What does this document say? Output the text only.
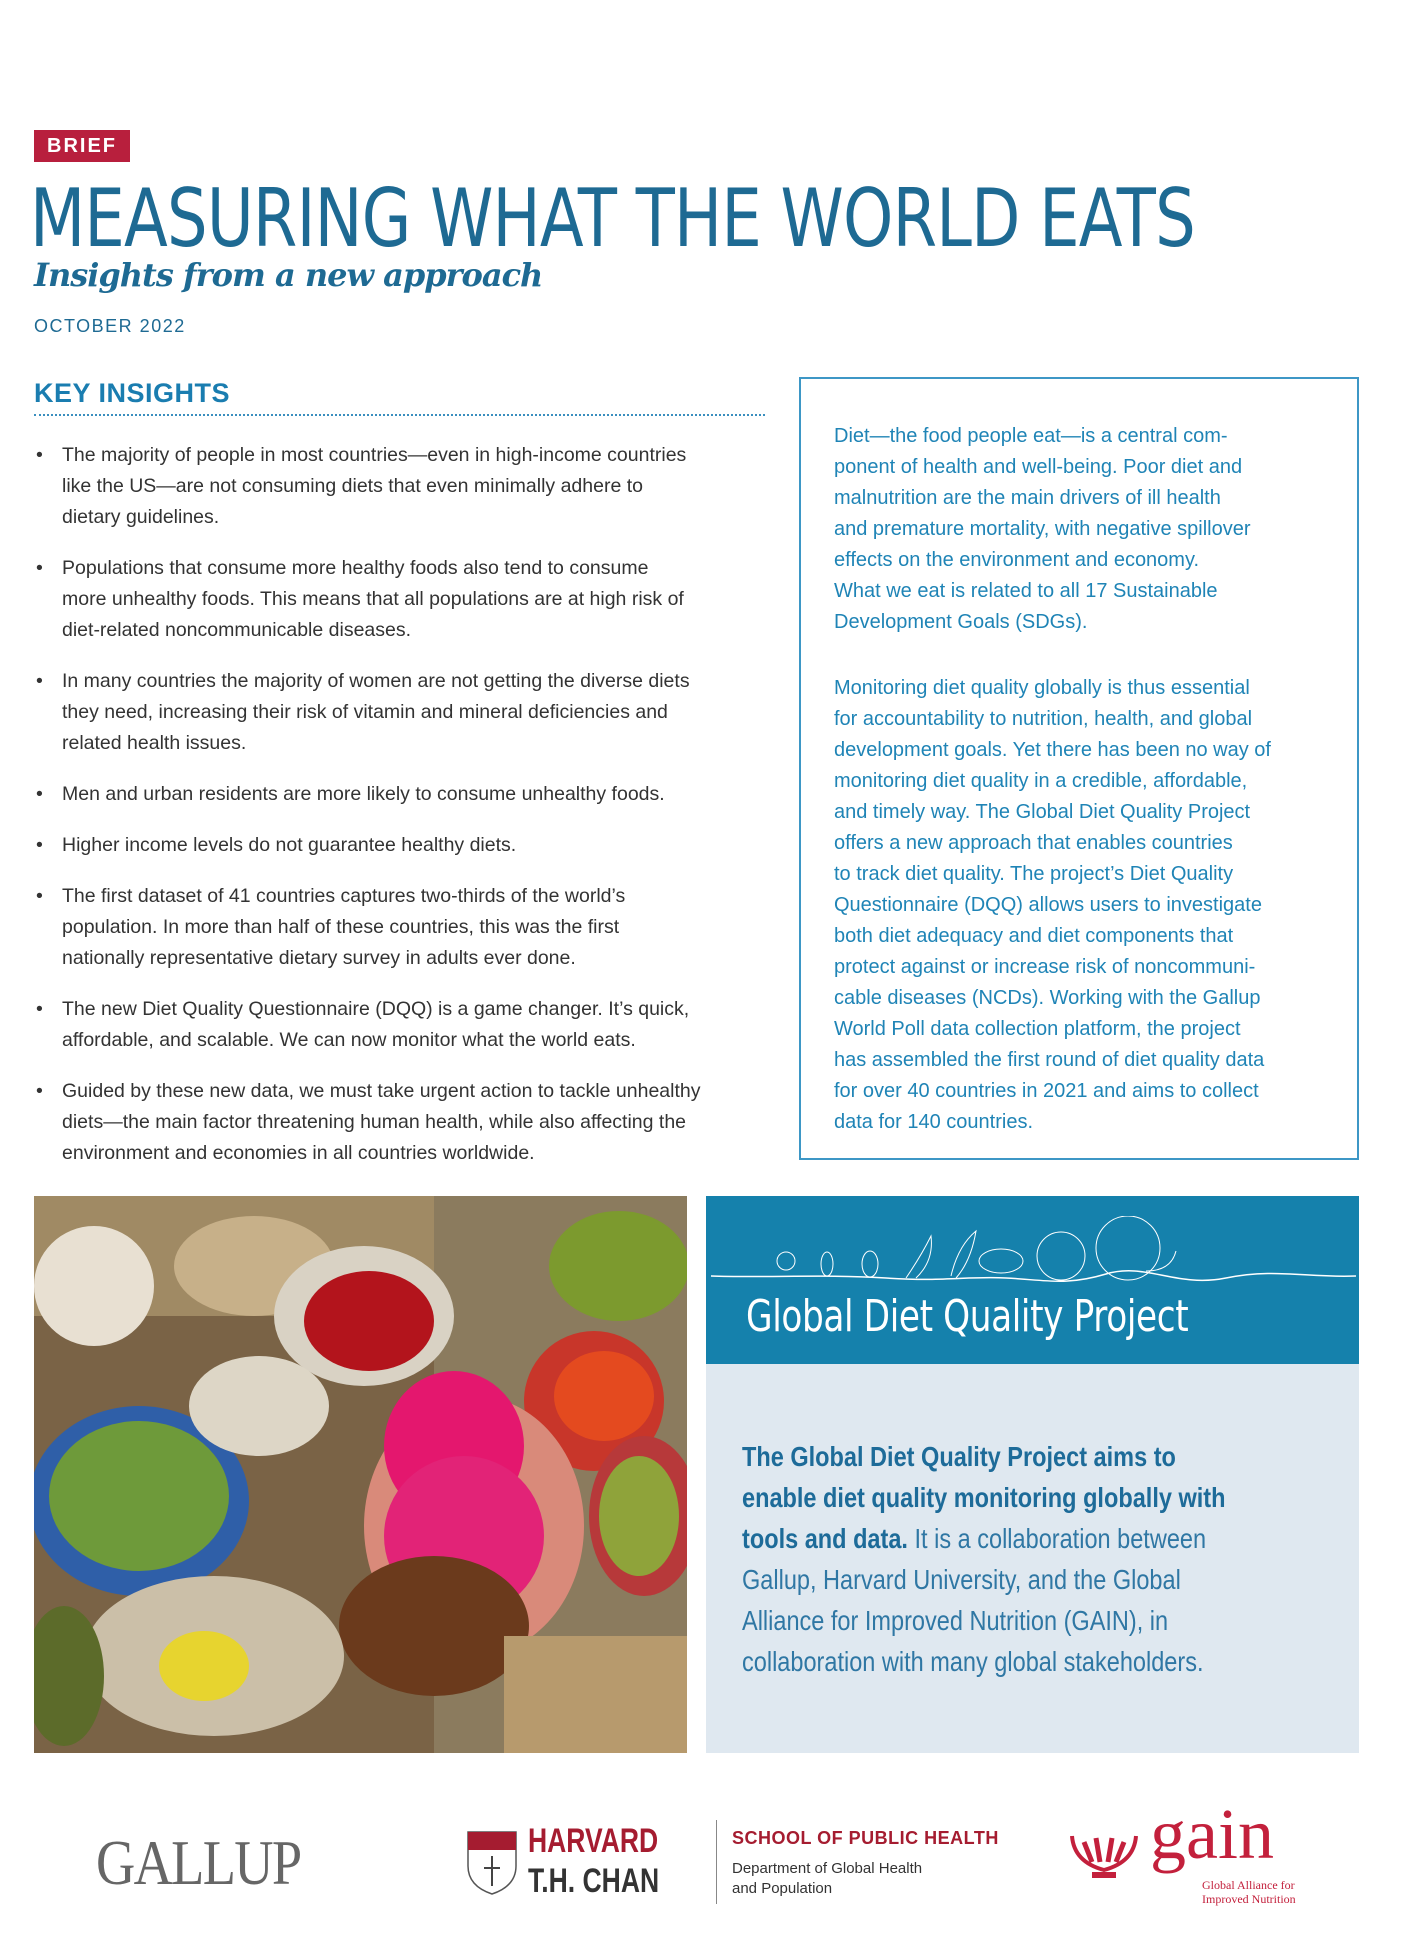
BRIEF
MEASURING WHAT THE WORLD EATS
Insights from a new approach
OCTOBER 2022
KEY INSIGHTS
• The majority of people in most countries—even in high-income countries
like the US—are not consuming diets that even minimally adhere to
dietary guidelines.
• Populations that consume more healthy foods also tend to consume
more unhealthy foods. This means that all populations are at high risk of
diet-related noncommunicable diseases.
• In many countries the majority of women are not getting the diverse diets
they need, increasing their risk of vitamin and mineral deficiencies and
related health issues.
• Men and urban residents are more likely to consume unhealthy foods.
• Higher income levels do not guarantee healthy diets.
• The first dataset of 41 countries captures two-thirds of the world’s
population. In more than half of these countries, this was the first
nationally representative dietary survey in adults ever done.
• The new Diet Quality Questionnaire (DQQ) is a game changer. It’s quick,
affordable, and scalable. We can now monitor what the world eats.
• Guided by these new data, we must take urgent action to tackle unhealthy
diets—the main factor threatening human health, while also affecting the
environment and economies in all countries worldwide.
Diet—the food people eat—is a central com-
ponent of health and well-being. Poor diet and
malnutrition are the main drivers of ill health
and premature mortality, with negative spillover
effects on the environment and economy.
What we eat is related to all 17 Sustainable
Development Goals (SDGs).
Monitoring diet quality globally is thus essential
for accountability to nutrition, health, and global
development goals. Yet there has been no way of
monitoring diet quality in a credible, affordable,
and timely way. The Global Diet Quality Project
offers a new approach that enables countries
to track diet quality. The project’s Diet Quality
Questionnaire (DQQ) allows users to investigate
both diet adequacy and diet components that
protect against or increase risk of noncommuni-
cable diseases (NCDs). Working with the Gallup
World Poll data collection platform, the project
has assembled the first round of diet quality data
for over 40 countries in 2021 and aims to collect
data for 140 countries.
Global Diet Quality Project
The Global Diet Quality Project aims to
enable diet quality monitoring globally with
tools and data. It is a collaboration between
Gallup, Harvard University, and the Global
Alliance for Improved Nutrition (GAIN), in
collaboration with many global stakeholders.
GALLUP	HARVARD
T.H. CHAN
SCHOOL OF PUBLIC HEALTH
Department of Global Health
and Population
gain
Global Alliance for
Improved Nutrition
